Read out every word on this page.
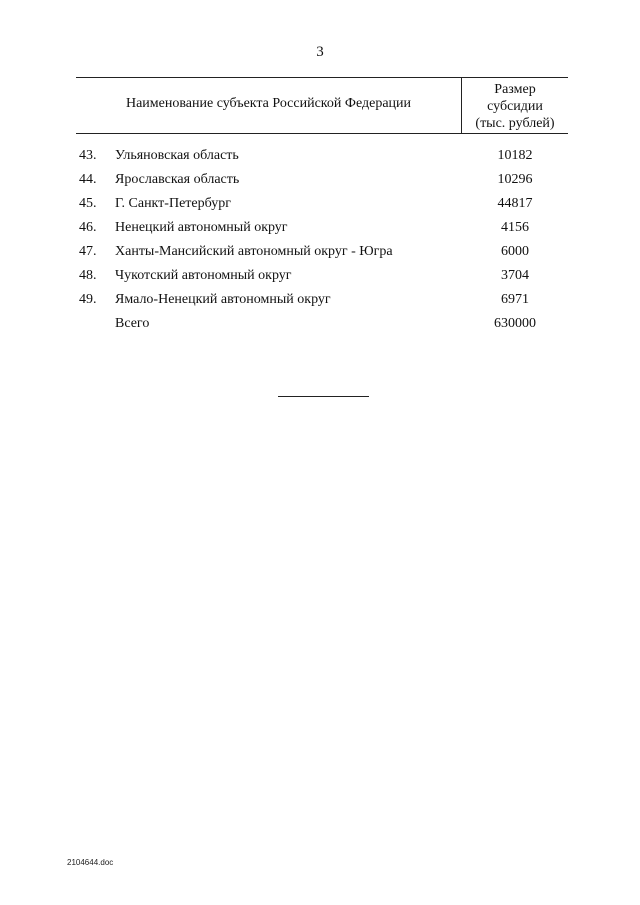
3
Наименование субъекта Российской Федерации
Размер
субсидии
(тыс. рублей)
43.	Ульяновская область	10182
44.	Ярославская область	10296
45.	Г. Санкт-Петербург	44817
46.	Ненецкий автономный округ	4156
47.	Ханты-Мансийский автономный округ - Югра	6000
48.	Чукотский автономный округ	3704
49.	Ямало-Ненецкий автономный округ	6971
Всего	630000
2104644.doc
